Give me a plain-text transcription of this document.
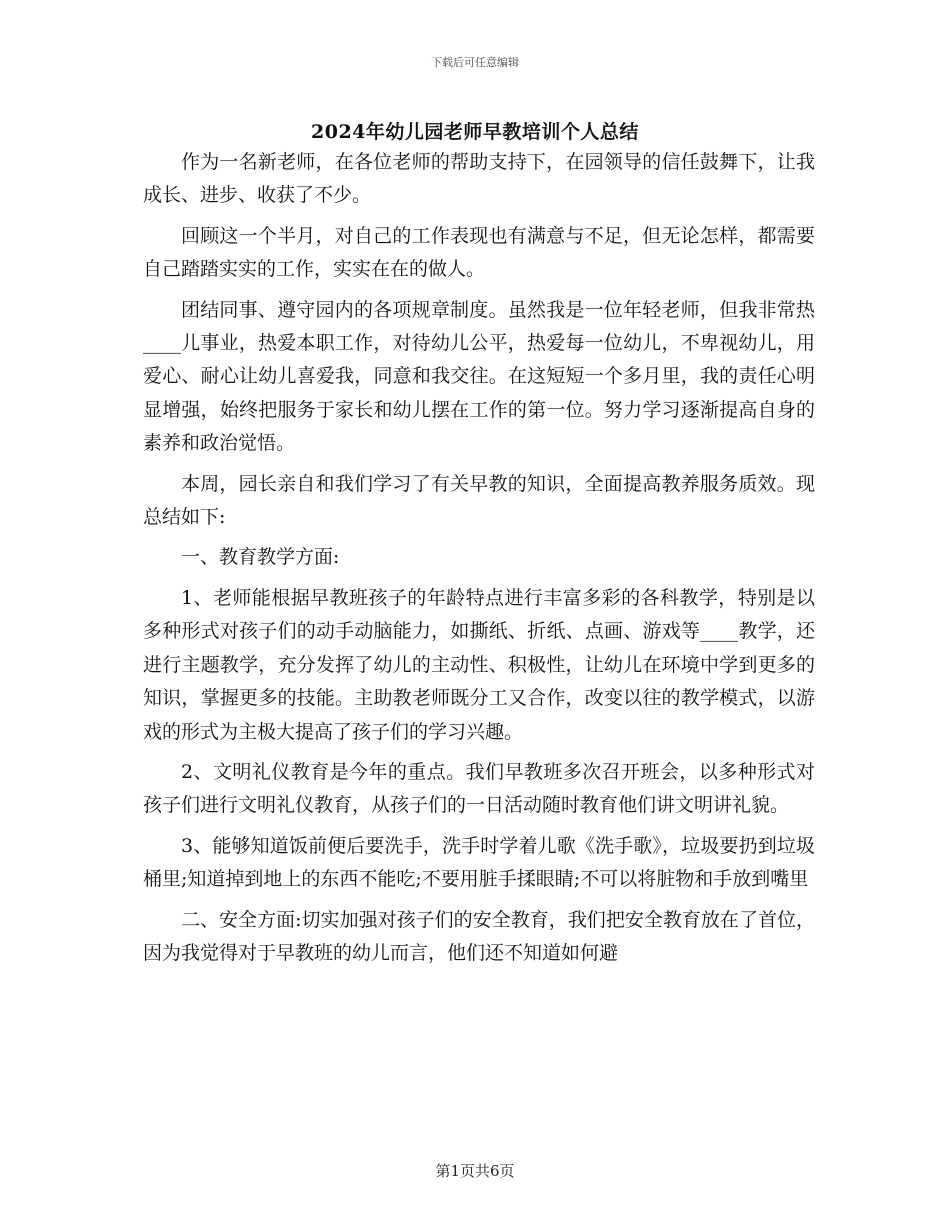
下载后可任意编辑
2024年幼儿园老师早教培训个人总结

作为一名新老师，在各位老师的帮助支持下，在园领导的信任鼓舞下，让我成长、进步、收获了不少。

回顾这一个半月，对自己的工作表现也有满意与不足，但无论怎样，都需要自己踏踏实实的工作，实实在在的做人。

团结同事、遵守园内的各项规章制度。虽然我是一位年轻老师，但我非常热____儿事业，热爱本职工作，对待幼儿公平，热爱每一位幼儿，不卑视幼儿，用爱心、耐心让幼儿喜爱我，同意和我交往。在这短短一个多月里，我的责任心明显增强，始终把服务于家长和幼儿摆在工作的第一位。努力学习逐渐提高自身的素养和政治觉悟。

本周，园长亲自和我们学习了有关早教的知识，全面提高教养服务质效。现总结如下:

一、教育教学方面:

1、老师能根据早教班孩子的年龄特点进行丰富多彩的各科教学，特别是以多种形式对孩子们的动手动脑能力，如撕纸、折纸、点画、游戏等____教学，还进行主题教学，充分发挥了幼儿的主动性、积极性，让幼儿在环境中学到更多的知识，掌握更多的技能。主助教老师既分工又合作，改变以往的教学模式，以游戏的形式为主极大提高了孩子们的学习兴趣。

2、文明礼仪教育是今年的重点。我们早教班多次召开班会，以多种形式对孩子们进行文明礼仪教育，从孩子们的一日活动随时教育他们讲文明讲礼貌。

3、能够知道饭前便后要洗手，洗手时学着儿歌《洗手歌》，垃圾要扔到垃圾桶里;知道掉到地上的东西不能吃;不要用脏手揉眼睛;不可以将脏物和手放到嘴里

二、安全方面:切实加强对孩子们的安全教育，我们把安全教育放在了首位，因为我觉得对于早教班的幼儿而言，他们还不知道如何避

第1页共6页
